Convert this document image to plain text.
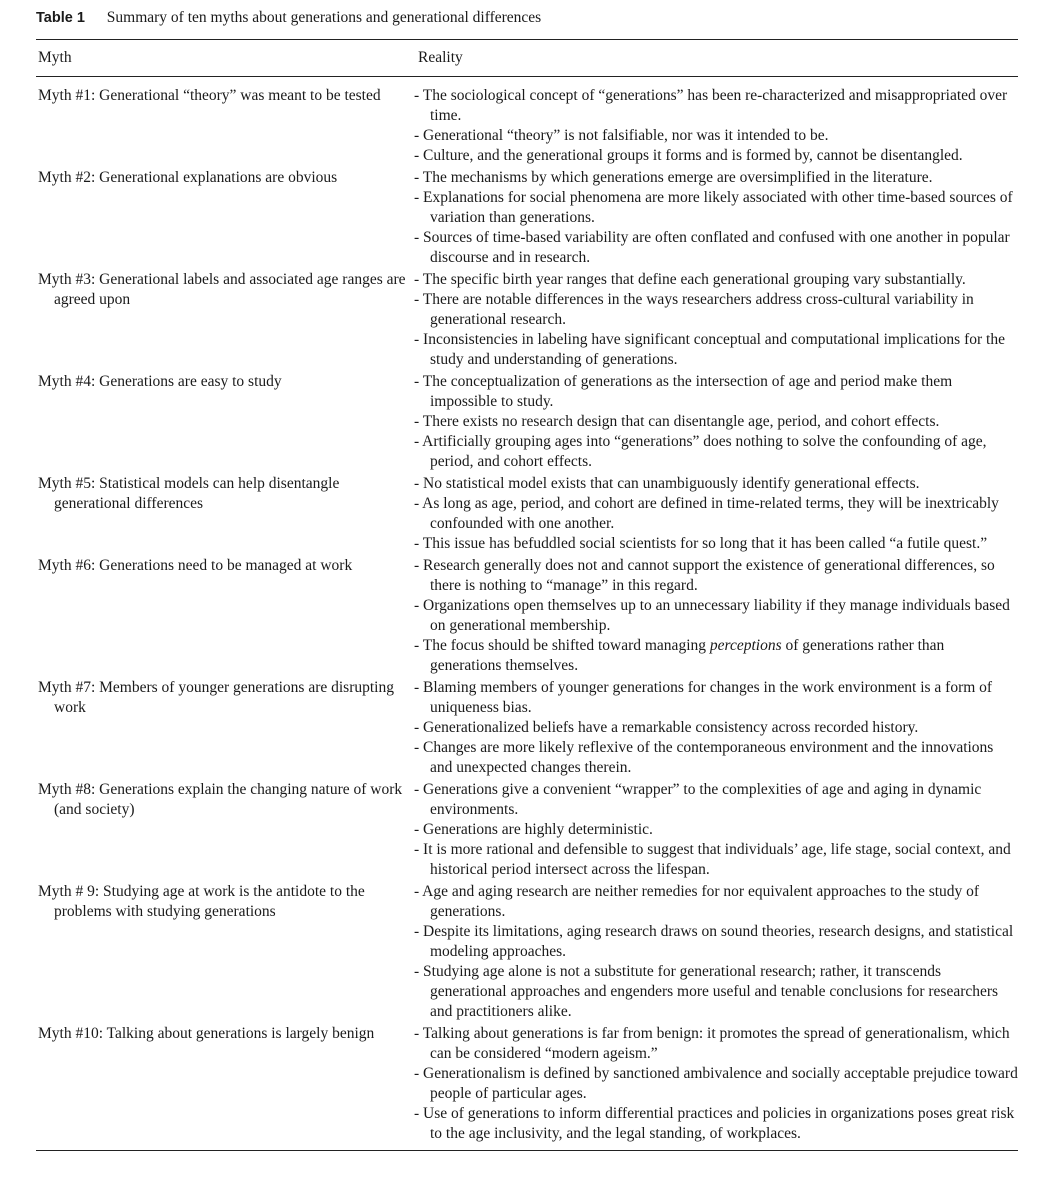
Table 1 Summary of ten myths about generations and generational differences
Myth	Reality
Myth #1: Generational “theory” was meant to be tested	- The sociological concept of “generations” has been re-characterized and misappropriated over time.
- Generational “theory” is not falsifiable, nor was it intended to be.
- Culture, and the generational groups it forms and is formed by, cannot be disentangled.
Myth #2: Generational explanations are obvious	- The mechanisms by which generations emerge are oversimplified in the literature.
- Explanations for social phenomena are more likely associated with other time-based sources of variation than generations.
- Sources of time-based variability are often conflated and confused with one another in popular discourse and in research.
Myth #3: Generational labels and associated age ranges are agreed upon
- The specific birth year ranges that define each generational grouping vary substantially.
- There are notable differences in the ways researchers address cross-cultural variability in generational research.
- Inconsistencies in labeling have significant conceptual and computational implications for the study and understanding of generations.
Myth #4: Generations are easy to study	- The conceptualization of generations as the intersection of age and period make them impossible to study.
- There exists no research design that can disentangle age, period, and cohort effects.
- Artificially grouping ages into “generations” does nothing to solve the confounding of age, period, and cohort effects.
Myth #5: Statistical models can help disentangle generational differences
- No statistical model exists that can unambiguously identify generational effects.
- As long as age, period, and cohort are defined in time-related terms, they will be inextricably confounded with one another.
- This issue has befuddled social scientists for so long that it has been called “a futile quest.”
Myth #6: Generations need to be managed at work	- Research generally does not and cannot support the existence of generational differences, so there is nothing to “manage” in this regard.
- Organizations open themselves up to an unnecessary liability if they manage individuals based on generational membership.
- The focus should be shifted toward managing perceptions of generations rather than generations themselves.
Myth #7: Members of younger generations are disrupting work
- Blaming members of younger generations for changes in the work environment is a form of uniqueness bias.
- Generationalized beliefs have a remarkable consistency across recorded history.
- Changes are more likely reflexive of the contemporaneous environment and the innovations and unexpected changes therein.
Myth #8: Generations explain the changing nature of work (and society)
- Generations give a convenient “wrapper” to the complexities of age and aging in dynamic environments.
- Generations are highly deterministic.
- It is more rational and defensible to suggest that individuals’ age, life stage, social context, and historical period intersect across the lifespan.
Myth # 9: Studying age at work is the antidote to the problems with studying generations
- Age and aging research are neither remedies for nor equivalent approaches to the study of generations.
- Despite its limitations, aging research draws on sound theories, research designs, and statistical modeling approaches.
- Studying age alone is not a substitute for generational research; rather, it transcends generational approaches and engenders more useful and tenable conclusions for researchers and practitioners alike.
Myth #10: Talking about generations is largely benign	- Talking about generations is far from benign: it promotes the spread of generationalism, which can be considered “modern ageism.”
- Generationalism is defined by sanctioned ambivalence and socially acceptable prejudice toward people of particular ages.
- Use of generations to inform differential practices and policies in organizations poses great risk to the age inclusivity, and the legal standing, of workplaces.
